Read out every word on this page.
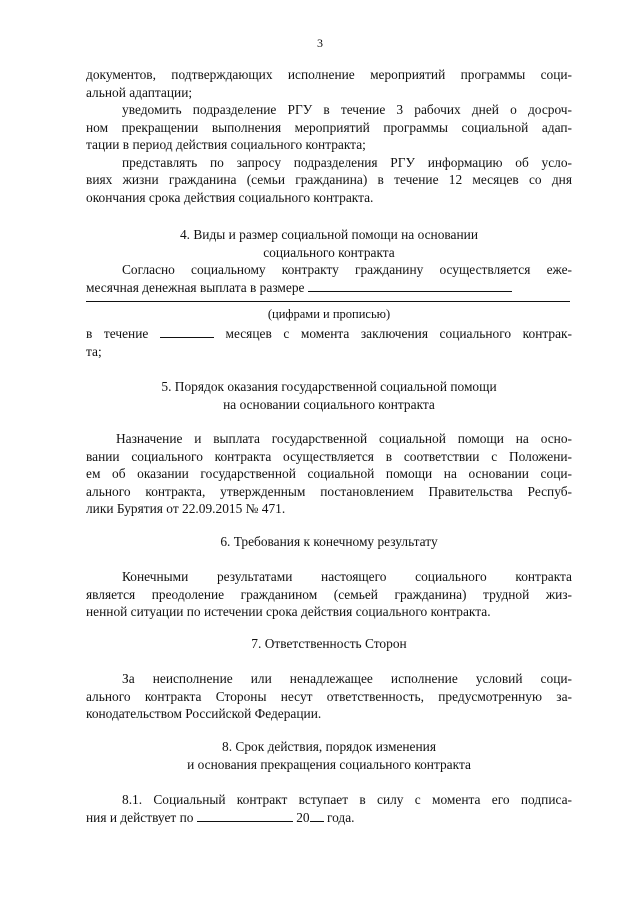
3
документов, подтверждающих исполнение мероприятий программы соци-
альной адаптации;
уведомить подразделение РГУ в течение 3 рабочих дней о досроч-
ном прекращении выполнения мероприятий программы социальной адап-
тации в период действия социального контракта;
представлять по запросу подразделения РГУ информацию об усло-
виях жизни гражданина (семьи гражданина) в течение 12 месяцев со дня
окончания срока действия социального контракта.
4. Виды и размер социальной помощи на основании
социального контракта
Согласно социальному контракту гражданину осуществляется еже-
месячная денежная выплата в размере
(цифрами и прописью)
в течение	месяцев с момента заключения социального контрак-
та;
5. Порядок оказания государственной социальной помощи
на основании социального контракта
Назначение и выплата государственной социальной помощи на осно-
вании социального контракта осуществляется в соответствии с Положени-
ем об оказании государственной социальной помощи на основании соци-
ального контракта, утвержденным постановлением Правительства Респуб-
лики Бурятия от 22.09.2015 № 471.
6. Требования к конечному результату
Конечными результатами настоящего социального контракта
является преодоление гражданином (семьей гражданина) трудной жиз-
ненной ситуации по истечении срока действия социального контракта.
7. Ответственность Сторон
За неисполнение или ненадлежащее исполнение условий соци-
ального контракта Стороны несут ответственность, предусмотренную за-
конодательством Российской Федерации.
8. Срок действия, порядок изменения
и основания прекращения социального контракта
8.1. Социальный контракт вступает в силу с момента его подписа-
ния и действует по	20 года.
